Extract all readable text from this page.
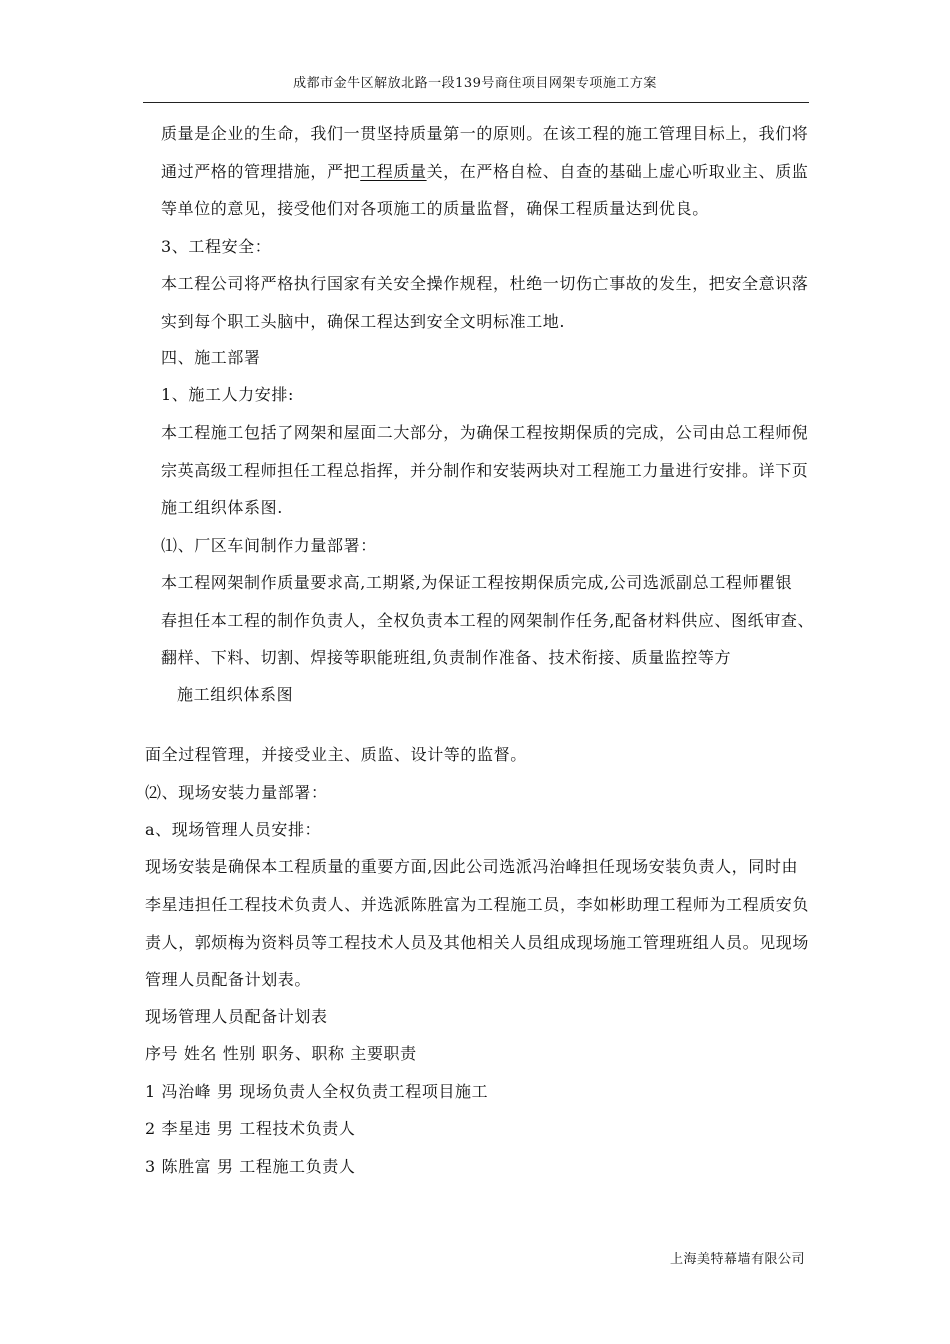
成都市金牛区解放北路一段139号商住项目网架专项施工方案
质量是企业的生命，我们一贯坚持质量第一的原则。在该工程的施工管理目标上，我们将
通过严格的管理措施，严把工程质量关，在严格自检、自查的基础上虚心听取业主、质监
等单位的意见，接受他们对各项施工的质量监督，确保工程质量达到优良。
3、工程安全：
本工程公司将严格执行国家有关安全操作规程，杜绝一切伤亡事故的发生，把安全意识落
实到每个职工头脑中，确保工程达到安全文明标准工地.
四、施工部署
1、施工人力安排:
本工程施工包括了网架和屋面二大部分，为确保工程按期保质的完成，公司由总工程师倪
宗英高级工程师担任工程总指挥，并分制作和安装两块对工程施工力量进行安排。详下页
施工组织体系图.
⑴、厂区车间制作力量部署：
本工程网架制作质量要求高,工期紧,为保证工程按期保质完成,公司选派副总工程师瞿银
春担任本工程的制作负责人，全权负责本工程的网架制作任务,配备材料供应、图纸审查、
翻样、下料、切割、焊接等职能班组,负责制作准备、技术衔接、质量监控等方
施工组织体系图
面全过程管理，并接受业主、质监、设计等的监督。
⑵、现场安装力量部署：
a、现场管理人员安排：
现场安装是确保本工程质量的重要方面,因此公司选派冯治峰担任现场安装负责人，同时由
李星违担任工程技术负责人、并选派陈胜富为工程施工员，李如彬助理工程师为工程质安负
责人，郭烦梅为资料员等工程技术人员及其他相关人员组成现场施工管理班组人员。见现场
管理人员配备计划表。
现场管理人员配备计划表
序号 姓名 性别 职务、职称 主要职责
1 冯治峰 男 现场负责人全权负责工程项目施工
2 李星违 男 工程技术负责人
3 陈胜富 男 工程施工负责人
上海美特幕墙有限公司
